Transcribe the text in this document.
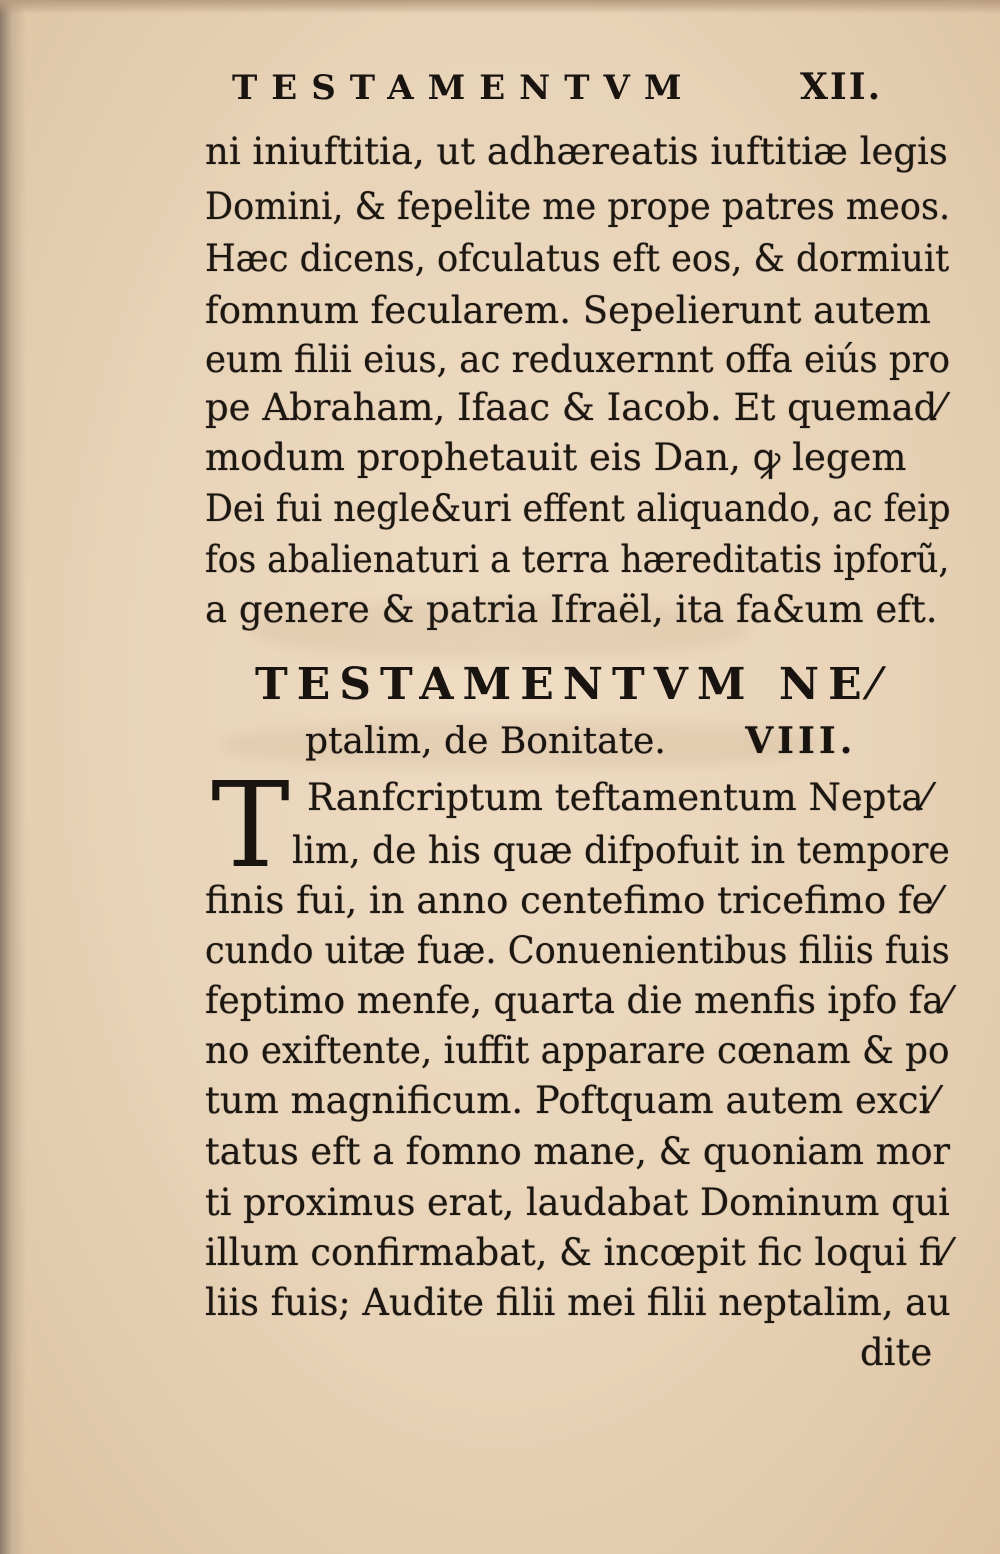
TESTAMENTVM	XII.
ni iniuftitia, ut adhæreatis iuftitiæ legis
Domini, & fepelite me prope patres meos.
Hæc dicens, ofculatus eft eos, & dormiuit
fomnum fecularem. Sepelierunt autem
eum filii eius, ac reduxernnt offa eiús pro
pe Abraham, Ifaac & Iacob. Et quemad⁄
modum prophetauit eis Dan, ꝙ legem
Dei fui negle&uri effent aliquando, ac feip
fos abalienaturi a terra hæreditatis ipforũ,
a genere & patria Ifraël, ita fa&um eft.
TESTAMENTVM NE⁄
ptalim, de Bonitate. VIII.
T Ranfcriptum teftamentum Nepta⁄
lim, de his quæ difpofuit in tempore
finis fui, in anno centefimo tricefimo fe⁄
cundo uitæ fuæ. Conuenientibus filiis fuis
feptimo menfe, quarta die menfis ipfo fa⁄
no exiftente, iuffit apparare cœnam & po
tum magnificum. Poftquam autem exci⁄
tatus eft a fomno mane, & quoniam mor
ti proximus erat, laudabat Dominum qui
illum confirmabat, & incœpit fic loqui fi⁄
liis fuis; Audite filii mei filii neptalim, au
dite
